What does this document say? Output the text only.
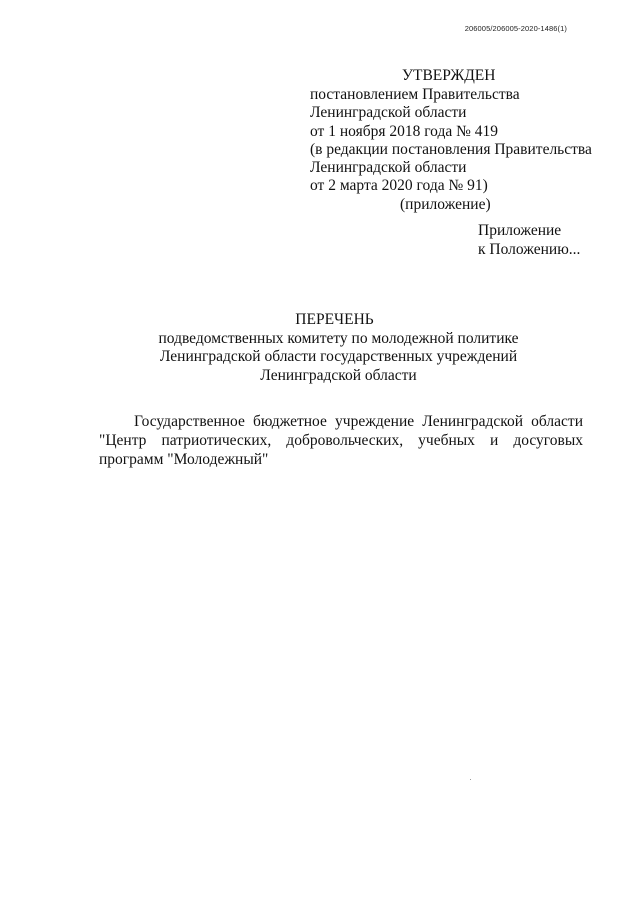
206005/206005-2020-1486(1)
УТВЕРЖДЕН
постановлением Правительства
Ленинградской области
от 1 ноября 2018 года № 419
(в редакции постановления Правительства
Ленинградской области
от 2 марта 2020 года № 91)
(приложение)
Приложение
к Положению...
ПЕРЕЧЕНЬ
подведомственных комитету по молодежной политике
Ленинградской области государственных учреждений
Ленинградской области

Государственное бюджетное учреждение Ленинградской области "Центр патриотических, добровольческих, учебных и досуговых программ "Молодежный"
